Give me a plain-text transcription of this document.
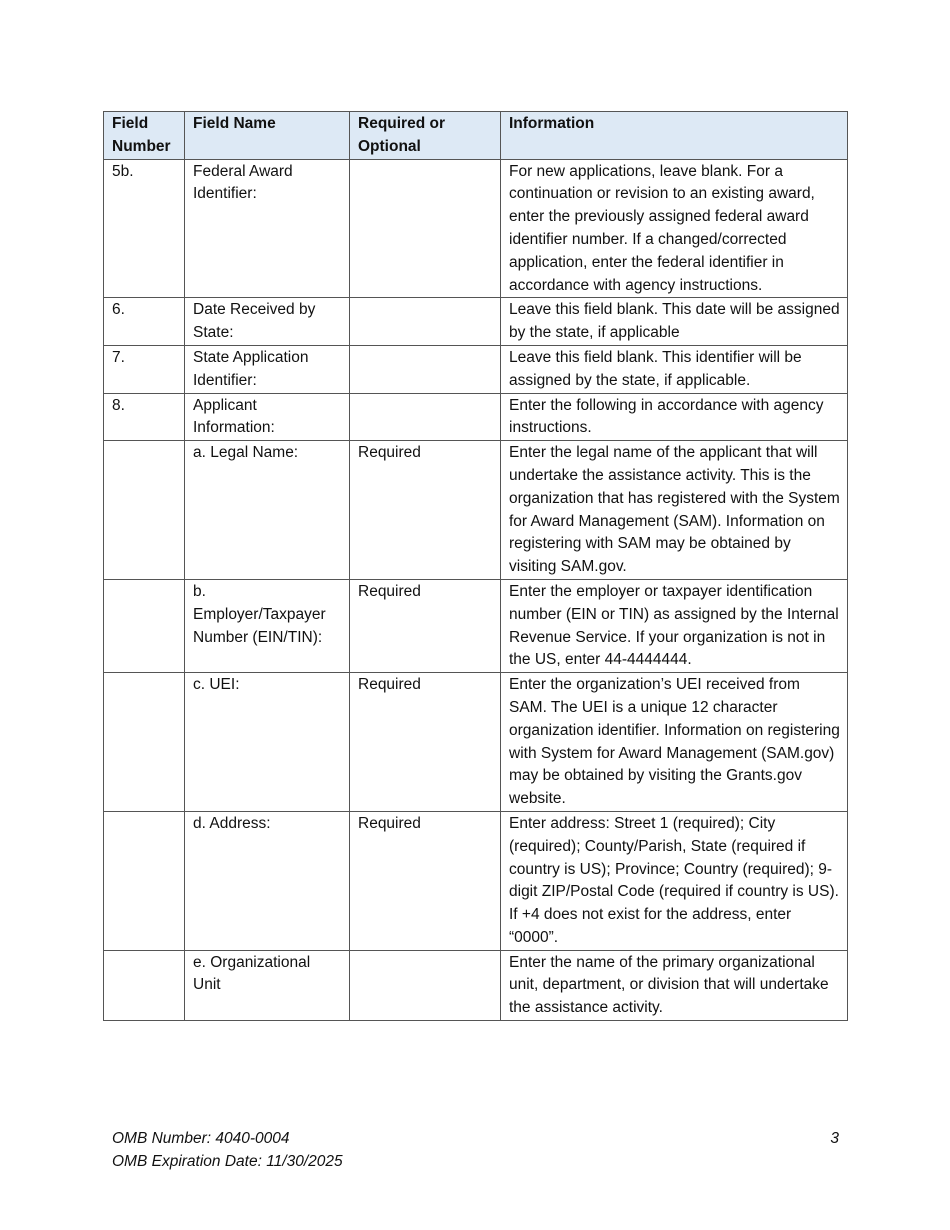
Field Number	Field Name	Required or Optional	Information
5b.	Federal Award Identifier:		For new applications, leave blank. For a continuation or revision to an existing award, enter the previously assigned federal award identifier number. If a changed/corrected application, enter the federal identifier in accordance with agency instructions.
6.	Date Received by State:		Leave this field blank. This date will be assigned by the state, if applicable
7.	State Application Identifier:		Leave this field blank. This identifier will be assigned by the state, if applicable.
8.	Applicant Information:		Enter the following in accordance with agency instructions.
	a. Legal Name:	Required	Enter the legal name of the applicant that will undertake the assistance activity. This is the organization that has registered with the System for Award Management (SAM). Information on registering with SAM may be obtained by visiting SAM.gov.
	b. Employer/Taxpayer Number (EIN/TIN):	Required	Enter the employer or taxpayer identification number (EIN or TIN) as assigned by the Internal Revenue Service. If your organization is not in the US, enter 44-4444444.
	c. UEI:	Required	Enter the organization’s UEI received from SAM. The UEI is a unique 12 character organization identifier. Information on registering with System for Award Management (SAM.gov) may be obtained by visiting the Grants.gov website.
	d. Address:	Required	Enter address: Street 1 (required); City (required); County/Parish, State (required if country is US); Province; Country (required); 9-digit ZIP/Postal Code (required if country is US). If +4 does not exist for the address, enter “0000”.
	e. Organizational Unit		Enter the name of the primary organizational unit, department, or division that will undertake the assistance activity.
OMB Number: 4040-0004
OMB Expiration Date: 11/30/2025
3
